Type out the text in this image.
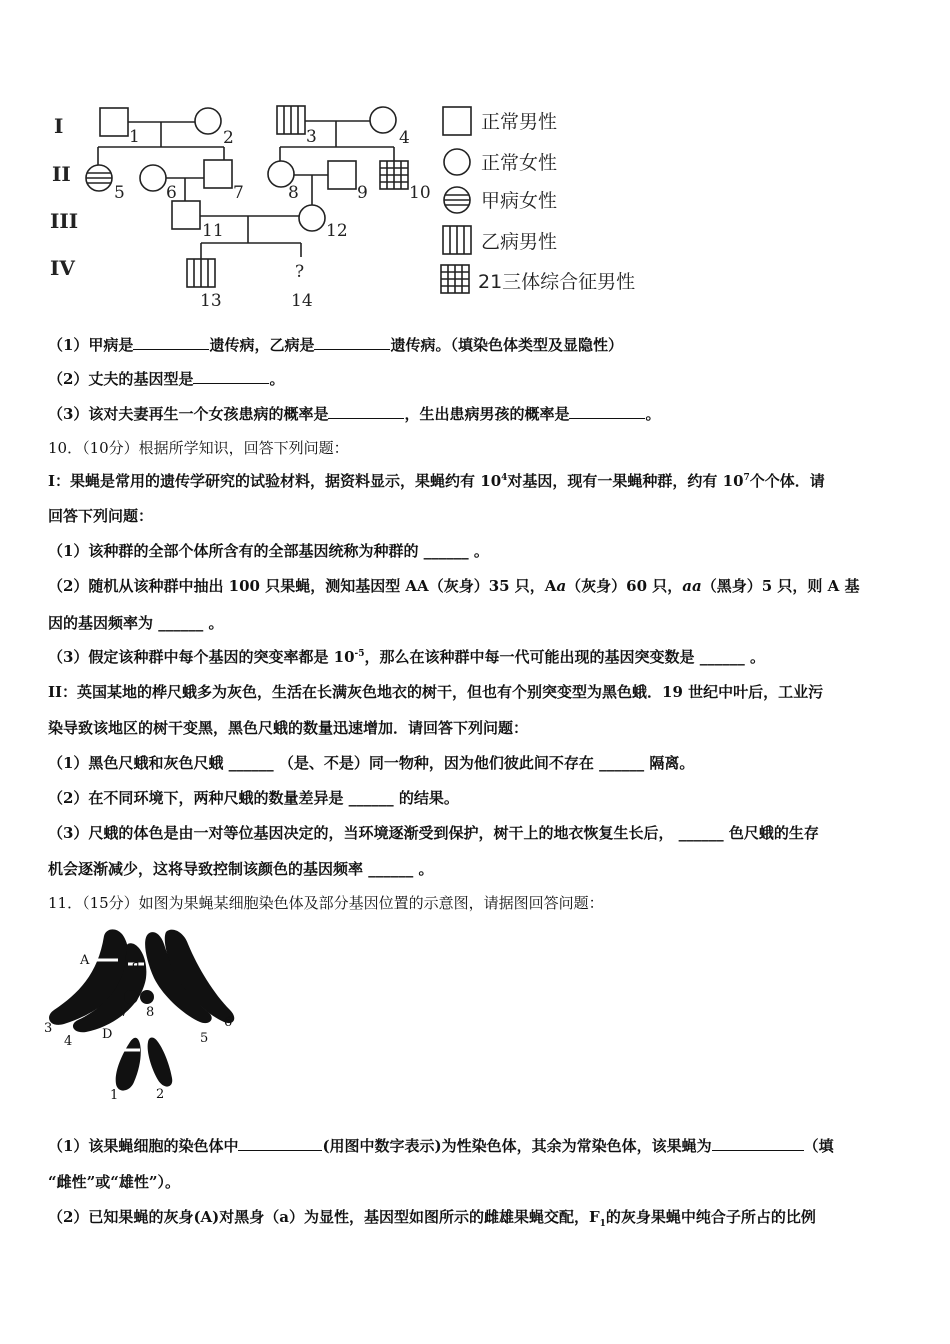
I
II
III
IV
1	2	3	4
5 6	7	8	9 10
11	12
13	14
?
正常男性
正常女性
甲病女性
乙病男性
21三体综合征男性
（1）甲病是	遗传病，乙病是	遗传病。（填染色体类型及显隐性）
（2）丈夫的基因型是	。
（3）该对夫妻再生一个女孩患病的概率是	，生出患病男孩的概率是	。
10．（10分）根据所学知识，回答下列问题：
I：果蝇是常用的遗传学研究的试验材料，据资料显示，果蝇约有 $10^4$对基因，现有一果蝇种群，约有 $10^7$个个体．请
回答下列问题：
（1）该种群的全部个体所含有的全部基因统称为种群的 ______ 。
（2）随机从该种群中抽出 100 只果蝇，测知基因型 AA（灰身）35 只，Aa（灰身）60 只，aa（黑身）5 只，则 A 基
因的基因频率为 ______ 。
（3）假定该种群中每个基因的突变率都是 $10^{-5}$，那么在该种群中每一代可能出现的基因突变数是 ______ 。
II：英国某地的桦尺蛾多为灰色，生活在长满灰色地衣的树干，但也有个别突变型为黑色蛾．19 世纪中叶后，工业污
染导致该地区的树干变黑，黑色尺蛾的数量迅速增加．请回答下列问题：
（1）黑色尺蛾和灰色尺蛾 ______ （是、不是）同一物种，因为他们彼此间不存在 ______ 隔离。
（2）在不同环境下，两种尺蛾的数量差异是 ______ 的结果。
（3）尺蛾的体色是由一对等位基因决定的，当环境逐渐受到保护，树干上的地衣恢复生长后， ______ 色尺蛾的生存
机会逐渐减少，这将导致控制该颜色的基因频率 ______ 。
11．（15分）如图为果蝇某细胞染色体及部分基因位置的示意图，请据图回答问题：
A	a
7 8
3
4 D	5
6
1	2
（1）该果蝇细胞的染色体中	(用图中数字表示)为性染色体，其余为常染色体，该果蝇为	（填
“雌性”或“雄性”）。
（2）已知果蝇的灰身(A)对黑身（a）为显性，基因型如图所示的雌雄果蝇交配，$F_1$的灰身果蝇中纯合子所占的比例
